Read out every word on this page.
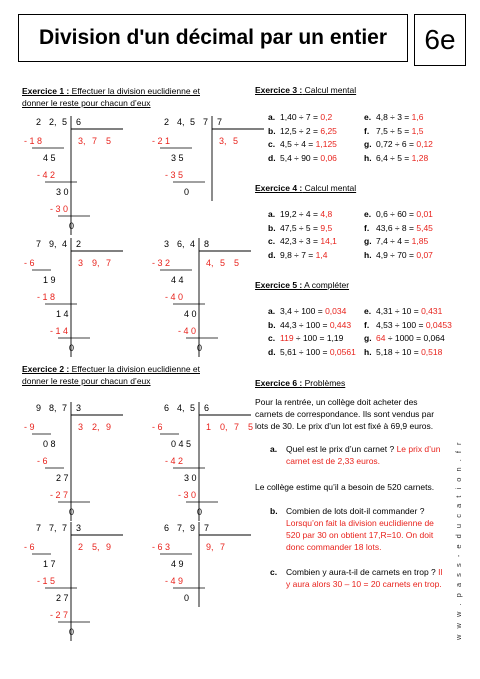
Division d'un décimal par un entier 6e
Exercice 1 : Effectuer la division euclidienne et
donner le reste pour chacun d’eux
Exercice 2 : Effectuer la division euclidienne et
donner le reste pour chacun d’eux
2 2, 5 6
3, 7 5
- 1 8
4 5
- 4 2
3 0
- 3 0
0
2 4, 5 7 7
3, 5
- 2 1
3 5
- 3 5
0
7 9, 4 2
3 9, 7
- 6
1 9
- 1 8
1 4
- 1 4
0
3 6, 4 8
4, 5 5
- 3 2
4 4
- 4 0
4 0
- 4 0
0
9 8, 7 3
3 2, 9
- 9
0 8
- 6
2 7
- 2 7
0
6 4, 5 6
1 0, 7 5
- 6
0 4 5
- 4 2
3 0
- 3 0
0
7 7, 7 3
2 5, 9
- 6
1 7
- 1 5
2 7
- 2 7
0
6 7, 9 7
9, 7
- 6 3
4 9
- 4 9
0
Exercice 3 : Calcul mental
a. 1,40 ÷ 7 = 0,2
b. 12,5 ÷ 2 = 6,25
c. 4,5 ÷ 4 = 1,125
d. 5,4 ÷ 90 = 0,06
e. 4,8 ÷ 3 = 1,6
f. 7,5 ÷ 5 = 1,5
g. 0,72 ÷ 6 = 0,12
h. 6,4 ÷ 5 = 1,28
Exercice 4 : Calcul mental
a. 19,2 ÷ 4 = 4,8
b. 47,5 ÷ 5 = 9,5
c. 42,3 ÷ 3 = 14,1
d. 9,8 ÷ 7 = 1,4
e. 0,6 ÷ 60 = 0,01
f. 43,6 ÷ 8 = 5,45
g. 7,4 ÷ 4 = 1,85
h. 4,9 ÷ 70 = 0,07
Exercice 5 : A compléter
a. 3,4 ÷ 100 = 0,034
b. 44,3 ÷ 100 = 0,443
c. 119 ÷ 100 = 1,19
d. 5,61 ÷ 100 = 0,0561
e. 4,31 ÷ 10 = 0,431
f. 4,53 ÷ 100 = 0,0453
g. 64 ÷ 1000 = 0,064
h. 5,18 ÷ 10 = 0,518
Exercice 6 : Problèmes
Pour la rentrée, un collège doit acheter des
carnets de correspondance. Ils sont vendus par
lots de 30. Le prix d’un lot est fixé à 69,9 euros.
a. Quel est le prix d’un carnet ? Le prix d’un
carnet est de 2,33 euros.
Le collège estime qu’il a besoin de 520 carnets.
b. Combien de lots doit-il commander ?
Lorsqu’on fait la division euclidienne de
520 par 30 on obtient 17,R=10. On doit
donc commander 18 lots.
c. Combien y aura-t-il de carnets en trop ? Il
y aura alors 30 – 10 = 20 carnets en trop. w w w . p a s s - e d u c a t i o n . f r
